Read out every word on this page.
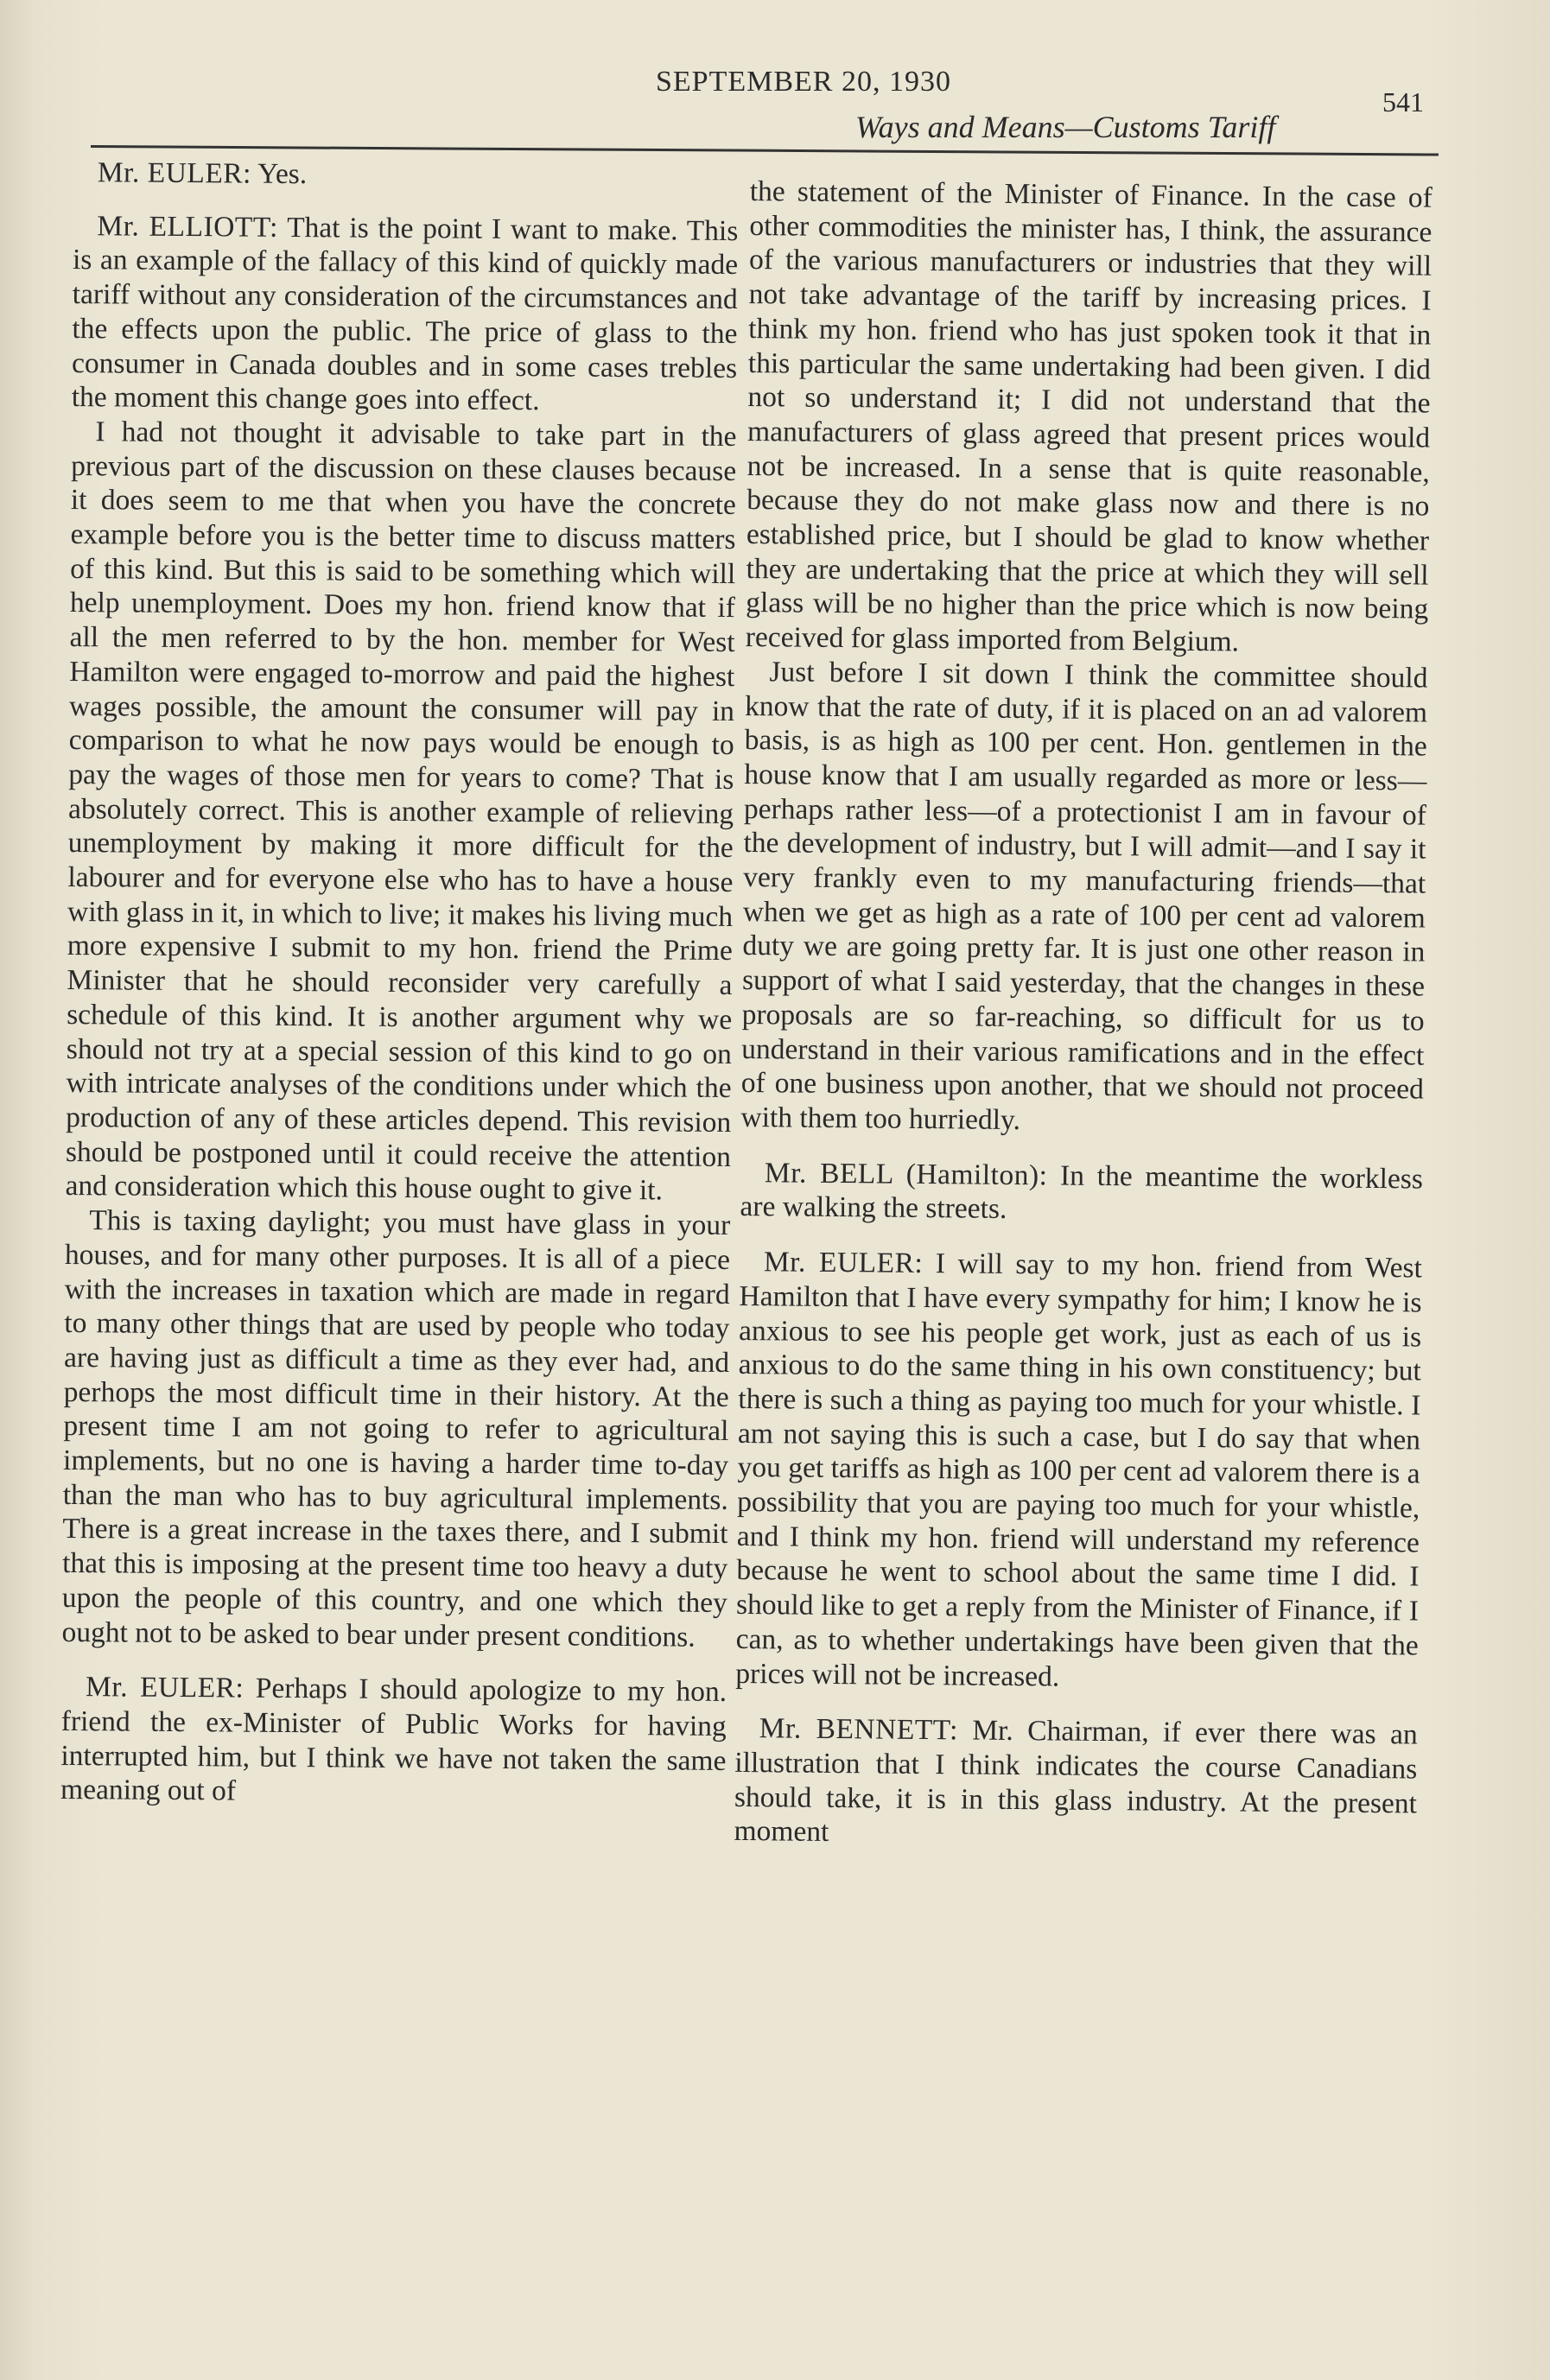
SEPTEMBER 20, 1930
541
Ways and Means—Customs Tariff

Mr. EULER: Yes.

Mr. ELLIOTT: That is the point I want to make. This is an example of the fallacy of this kind of quickly made tariff without any consideration of the circumstances and the effects upon the public. The price of glass to the consumer in Canada doubles and in some cases trebles the moment this change goes into effect.

I had not thought it advisable to take part in the previous part of the discussion on these clauses because it does seem to me that when you have the concrete example before you is the better time to discuss matters of this kind. But this is said to be something which will help unemployment. Does my hon. friend know that if all the men referred to by the hon. member for West Hamilton were engaged to-morrow and paid the highest wages possible, the amount the consumer will pay in comparison to what he now pays would be enough to pay the wages of those men for years to come? That is absolutely correct. This is another example of relieving unemployment by making it more difficult for the labourer and for everyone else who has to have a house with glass in it, in which to live; it makes his living much more expensive I submit to my hon. friend the Prime Minister that he should reconsider very carefully a schedule of this kind. It is another argument why we should not try at a special session of this kind to go on with intricate analyses of the conditions under which the production of any of these articles depend. This revision should be postponed until it could receive the attention and consideration which this house ought to give it.

This is taxing daylight; you must have glass in your houses, and for many other purposes. It is all of a piece with the increases in taxation which are made in regard to many other things that are used by people who today are having just as difficult a time as they ever had, and perhops the most difficult time in their history. At the present time I am not going to refer to agricultural implements, but no one is having a harder time to-day than the man who has to buy agricultural implements. There is a great increase in the taxes there, and I submit that this is imposing at the present time too heavy a duty upon the people of this country, and one which they ought not to be asked to bear under present conditions.

Mr. EULER: Perhaps I should apologize to my hon. friend the ex-Minister of Public Works for having interrupted him, but I think we have not taken the same meaning out of

the statement of the Minister of Finance. In the case of other commodities the minister has, I think, the assurance of the various manufacturers or industries that they will not take advantage of the tariff by increasing prices. I think my hon. friend who has just spoken took it that in this particular the same undertaking had been given. I did not so understand it; I did not understand that the manufacturers of glass agreed that present prices would not be increased. In a sense that is quite reasonable, because they do not make glass now and there is no established price, but I should be glad to know whether they are undertaking that the price at which they will sell glass will be no higher than the price which is now being received for glass imported from Belgium.

Just before I sit down I think the committee should know that the rate of duty, if it is placed on an ad valorem basis, is as high as 100 per cent. Hon. gentlemen in the house know that I am usually regarded as more or less—perhaps rather less—of a protectionist I am in favour of the development of industry, but I will admit—and I say it very frankly even to my manufacturing friends—that when we get as high as a rate of 100 per cent ad valorem duty we are going pretty far. It is just one other reason in support of what I said yesterday, that the changes in these proposals are so far-reaching, so difficult for us to understand in their various ramifications and in the effect of one business upon another, that we should not proceed with them too hurriedly.

Mr. BELL (Hamilton): In the meantime the workless are walking the streets.

Mr. EULER: I will say to my hon. friend from West Hamilton that I have every sympathy for him; I know he is anxious to see his people get work, just as each of us is anxious to do the same thing in his own constituency; but there is such a thing as paying too much for your whistle. I am not saying this is such a case, but I do say that when you get tariffs as high as 100 per cent ad valorem there is a possibility that you are paying too much for your whistle, and I think my hon. friend will understand my reference because he went to school about the same time I did. I should like to get a reply from the Minister of Finance, if I can, as to whether undertakings have been given that the prices will not be increased.

Mr. BENNETT: Mr. Chairman, if ever there was an illustration that I think indicates the course Canadians should take, it is in this glass industry. At the present moment
